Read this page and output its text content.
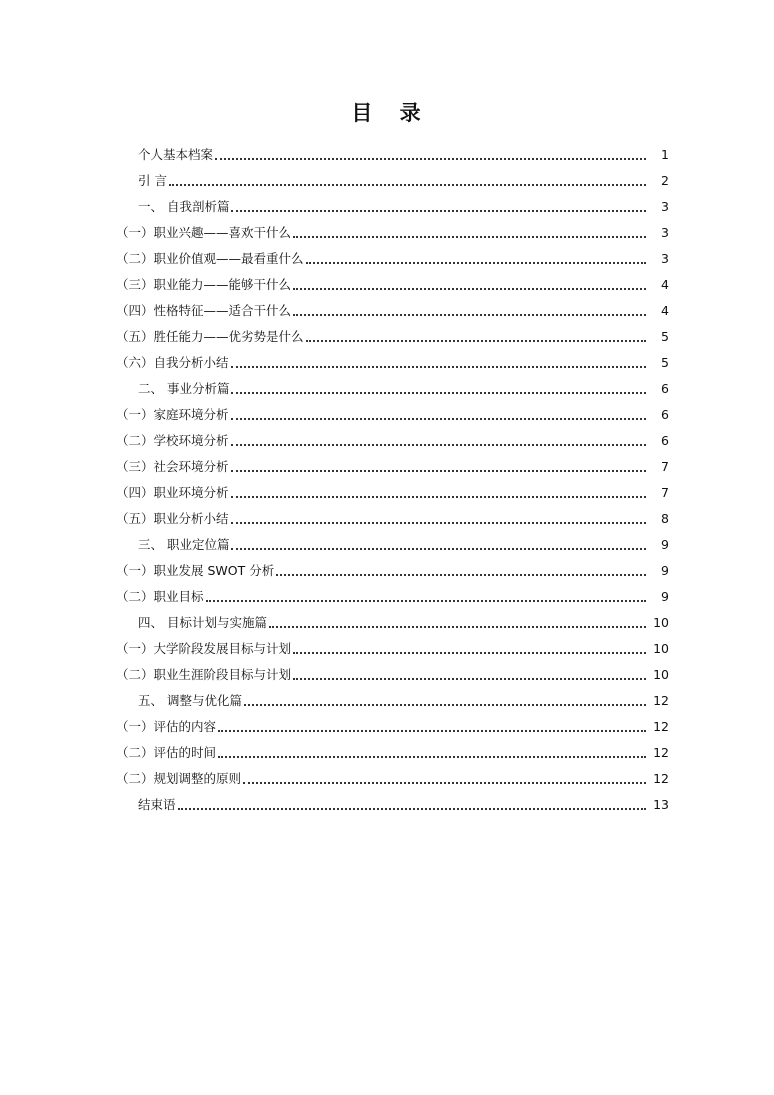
目 录
个人基本档案	1
引 言	2
一、 自我剖析篇	3
（一）职业兴趣——喜欢干什么	3
（二）职业价值观——最看重什么	3
（三）职业能力——能够干什么	4
（四）性格特征——适合干什么	4
（五）胜任能力——优劣势是什么	5
（六）自我分析小结	5
二、 事业分析篇	6
（一）家庭环境分析	6
（二）学校环境分析	6
（三）社会环境分析	7
（四）职业环境分析	7
（五）职业分析小结	8
三、 职业定位篇	9
（一）职业发展 SWOT 分析	9
（二）职业目标	9
四、 目标计划与实施篇	10
（一）大学阶段发展目标与计划	10
（二）职业生涯阶段目标与计划	10
五、 调整与优化篇	12
（一）评估的内容	12
（二）评估的时间	12
（二）规划调整的原则	12
结束语	13
